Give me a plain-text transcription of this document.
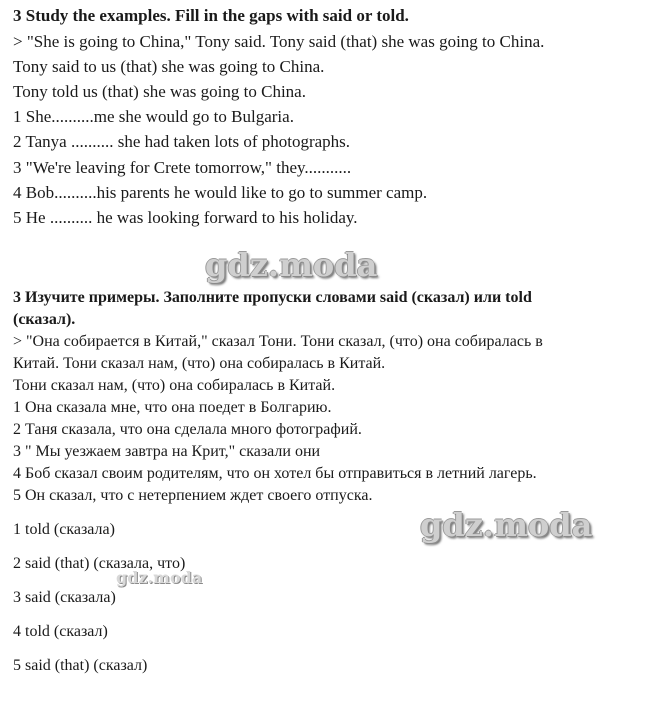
3 Study the examples. Fill in the gaps with said or told.
> "She is going to China," Tony said. Tony said (that) she was going to China.
Tony said to us (that) she was going to China.
Tony told us (that) she was going to China.
1 She..........me she would go to Bulgaria.
2 Tanya .......... she had taken lots of photographs.
3 "We're leaving for Crete tomorrow," they...........
4 Bob..........his parents he would like to go to summer camp.
5 He .......... he was looking forward to his holiday.
gdz.moda
3 Изучите примеры. Заполните пропуски словами said (сказал) или told
(сказал).
> "Она собирается в Китай," сказал Тони. Тони сказал, (что) она собиралась в
Китай. Тони сказал нам, (что) она собиралась в Китай.
Тони сказал нам, (что) она собиралась в Китай.
1 Она сказала мне, что она поедет в Болгарию.
2 Таня сказала, что она сделала много фотографий.
3 " Мы уезжаем завтра на Крит," сказали они
4 Боб сказал своим родителям, что он хотел бы отправиться в летний лагерь.
5 Он сказал, что с нетерпением ждет своего отпуска.
gdz.moda
1 told (сказала)
2 said (that) (сказала, что)
gdz.moda
3 said (сказала)
4 told (сказал)
5 said (that) (сказал)
